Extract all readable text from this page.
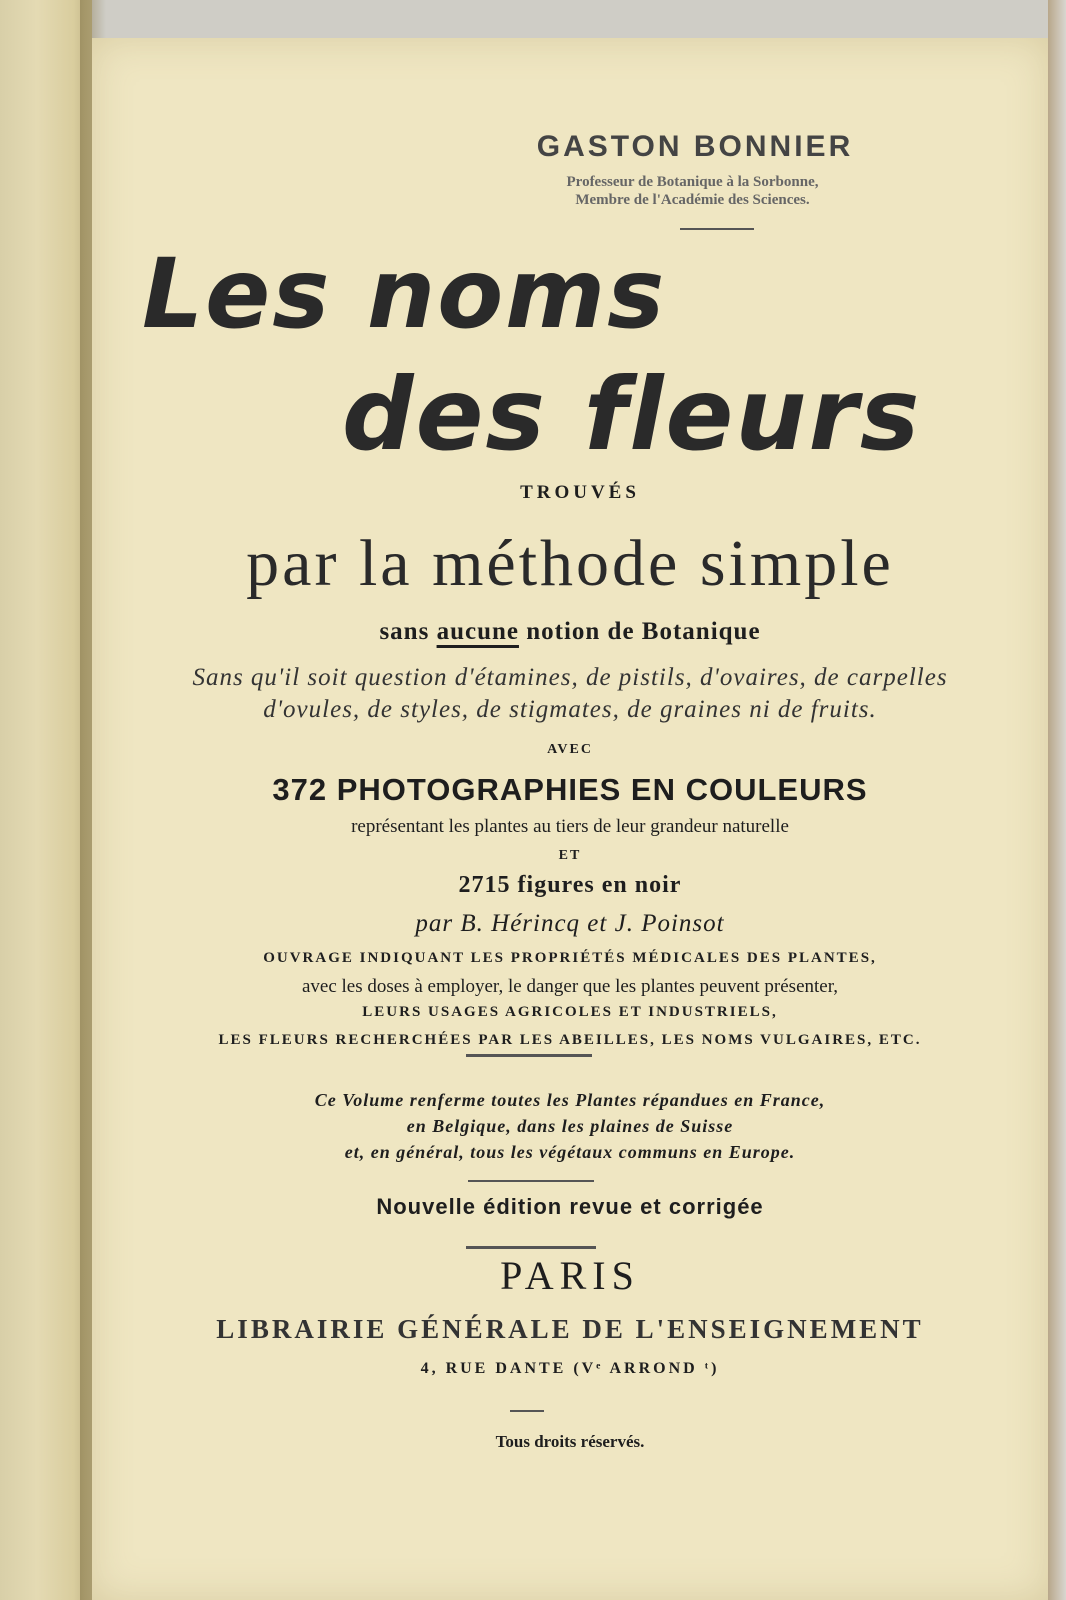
GASTON BONNIER
Professeur de Botanique à la Sorbonne,
Membre de l'Académie des Sciences.
Les noms
des fleurs
TROUVÉS
par la méthode simple
sans aucune notion de Botanique
Sans qu'il soit question d'étamines, de pistils, d'ovaires, de carpelles
d'ovules, de styles, de stigmates, de graines ni de fruits.
AVEC
372 PHOTOGRAPHIES EN COULEURS
représentant les plantes au tiers de leur grandeur naturelle
ET
2715 figures en noir
par B. Hérincq et J. Poinsot
OUVRAGE INDIQUANT LES PROPRIÉTÉS MÉDICALES DES PLANTES,
avec les doses à employer, le danger que les plantes peuvent présenter,
LEURS USAGES AGRICOLES ET INDUSTRIELS,
LES FLEURS RECHERCHÉES PAR LES ABEILLES, LES NOMS VULGAIRES, ETC.
Ce Volume renferme toutes les Plantes répandues en France,
en Belgique, dans les plaines de Suisse
et, en général, tous les végétaux communs en Europe.
Nouvelle édition revue et corrigée
PARIS
LIBRAIRIE GÉNÉRALE DE L'ENSEIGNEMENT
4, RUE DANTE (Vᵉ ARROND ᵗ)
Tous droits réservés.
